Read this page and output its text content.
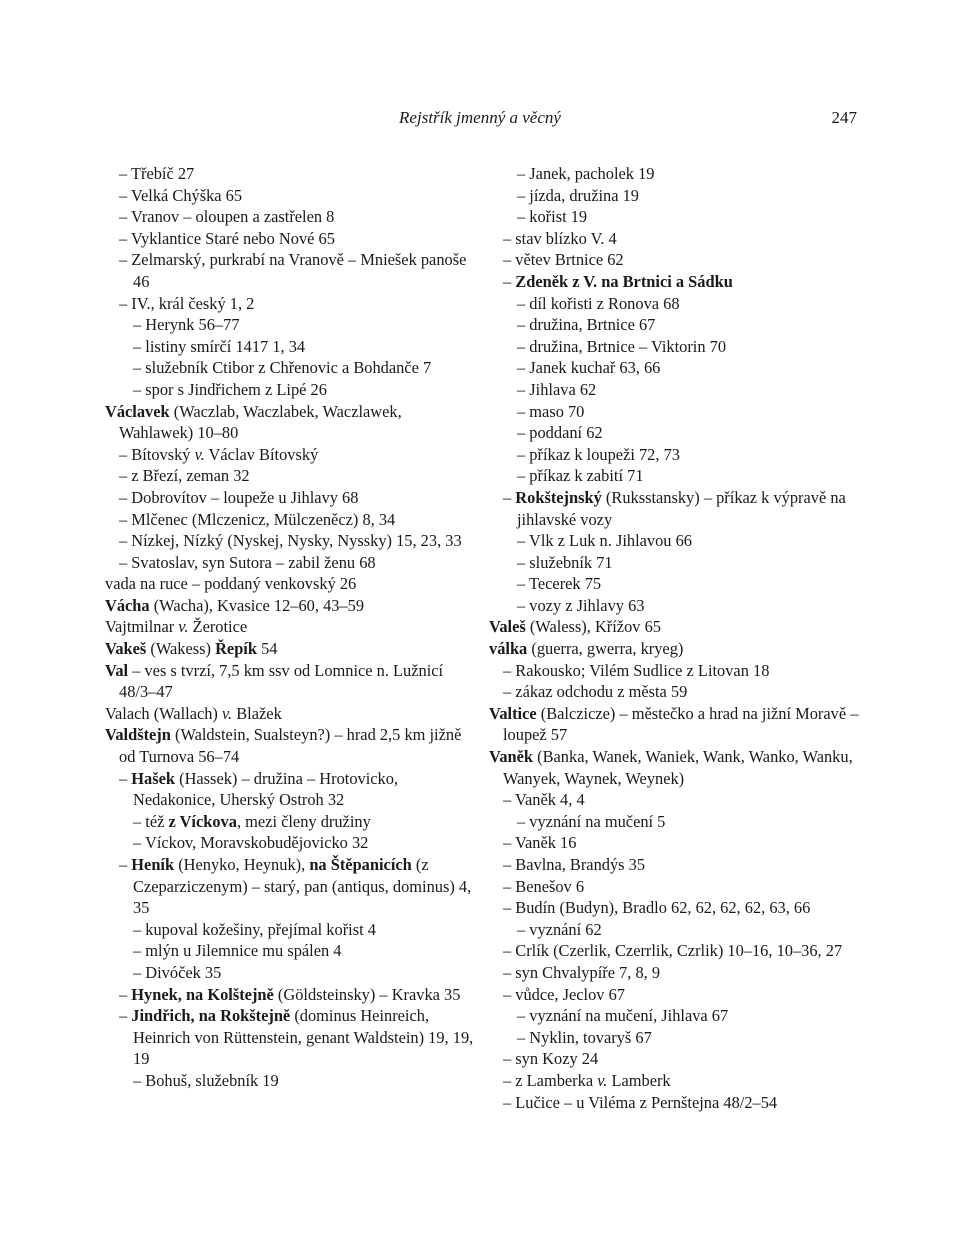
Rejstřík jmenný a věcný	247

– Třebíč 27

– Velká Chýška 65

– Vranov – oloupen a zastřelen 8

– Vyklantice Staré nebo Nové 65

– Zelmarský, purkrabí na Vranově – Mniešek panoše 46

– IV., král český 1, 2

– Herynk 56–77

– listiny smírčí 1417 1, 34

– služebník Ctibor z Chřenovic a Bohdanče 7

– spor s Jindřichem z Lipé 26

Václavek (Waczlab, Waczlabek, Waczlawek, Wahlawek) 10–80

– Bítovský v. Václav Bítovský

– z Březí, zeman 32

– Dobrovítov – loupeže u Jihlavy 68

– Mlčenec (Mlczenicz, Mülczeněcz) 8, 34

– Nízkej, Nízký (Nyskej, Nysky, Nyssky) 15, 23, 33

– Svatoslav, syn Sutora – zabil ženu 68

vada na ruce – poddaný venkovský 26

Vácha (Wacha), Kvasice 12–60, 43–59

Vajtmilnar v. Žerotice

Vakeš (Wakess) Řepík 54

Val – ves s tvrzí, 7,5 km ssv od Lomnice n. Lužnicí 48/3–47

Valach (Wallach) v. Blažek

Valdštejn (Waldstein, Sualsteyn?) – hrad 2,5 km jižně od Turnova 56–74

– Hašek (Hassek) – družina – Hrotovicko, Nedakonice, Uherský Ostroh 32

– též z Víckova, mezi členy družiny

– Víckov, Moravskobudějovicko 32

– Heník (Henyko, Heynuk), na Štěpanicích (z Czeparziczenym) – starý, pan (antiqus, dominus) 4, 35

– kupoval kožešiny, přejímal kořist 4

– mlýn u Jilemnice mu spálen 4

– Divóček 35

– Hynek, na Kolštejně (Göldsteinsky) – Kravka 35

– Jindřich, na Rokštejně (dominus Heinreich, Heinrich von Rüttenstein, genant Waldstein) 19, 19, 19

– Bohuš, služebník 19

– Janek, pacholek 19

– jízda, družina 19

– kořist 19

– stav blízko V. 4

– větev Brtnice 62

– Zdeněk z V. na Brtnici a Sádku

– díl kořisti z Ronova 68

– družina, Brtnice 67

– družina, Brtnice – Viktorin 70

– Janek kuchař 63, 66

– Jihlava 62

– maso 70

– poddaní 62

– příkaz k loupeži 72, 73

– příkaz k zabití 71

– Rokštejnský (Ruksstansky) – příkaz k výpravě na jihlavské vozy

– Vlk z Luk n. Jihlavou 66

– služebník 71

– Tecerek 75

– vozy z Jihlavy 63

Valeš (Waless), Křížov 65

válka (guerra, gwerra, kryeg)

– Rakousko; Vilém Sudlice z Litovan 18

– zákaz odchodu z města 59

Valtice (Balczicze) – městečko a hrad na jižní Moravě – loupež 57

Vaněk (Banka, Wanek, Waniek, Wank, Wanko, Wanku, Wanyek, Waynek, Weynek)

– Vaněk 4, 4

– vyznání na mučení 5

– Vaněk 16

– Bavlna, Brandýs 35

– Benešov 6

– Budín (Budyn), Bradlo 62, 62, 62, 62, 63, 66

– vyznání 62

– Crlík (Czerlik, Czerrlik, Czrlik) 10–16, 10–36, 27

– syn Chvalypíře 7, 8, 9

– vůdce, Jeclov 67

– vyznání na mučení, Jihlava 67

– Nyklin, tovaryš 67

– syn Kozy 24

– z Lamberka v. Lamberk

– Lučice – u Viléma z Pernštejna 48/2–54
